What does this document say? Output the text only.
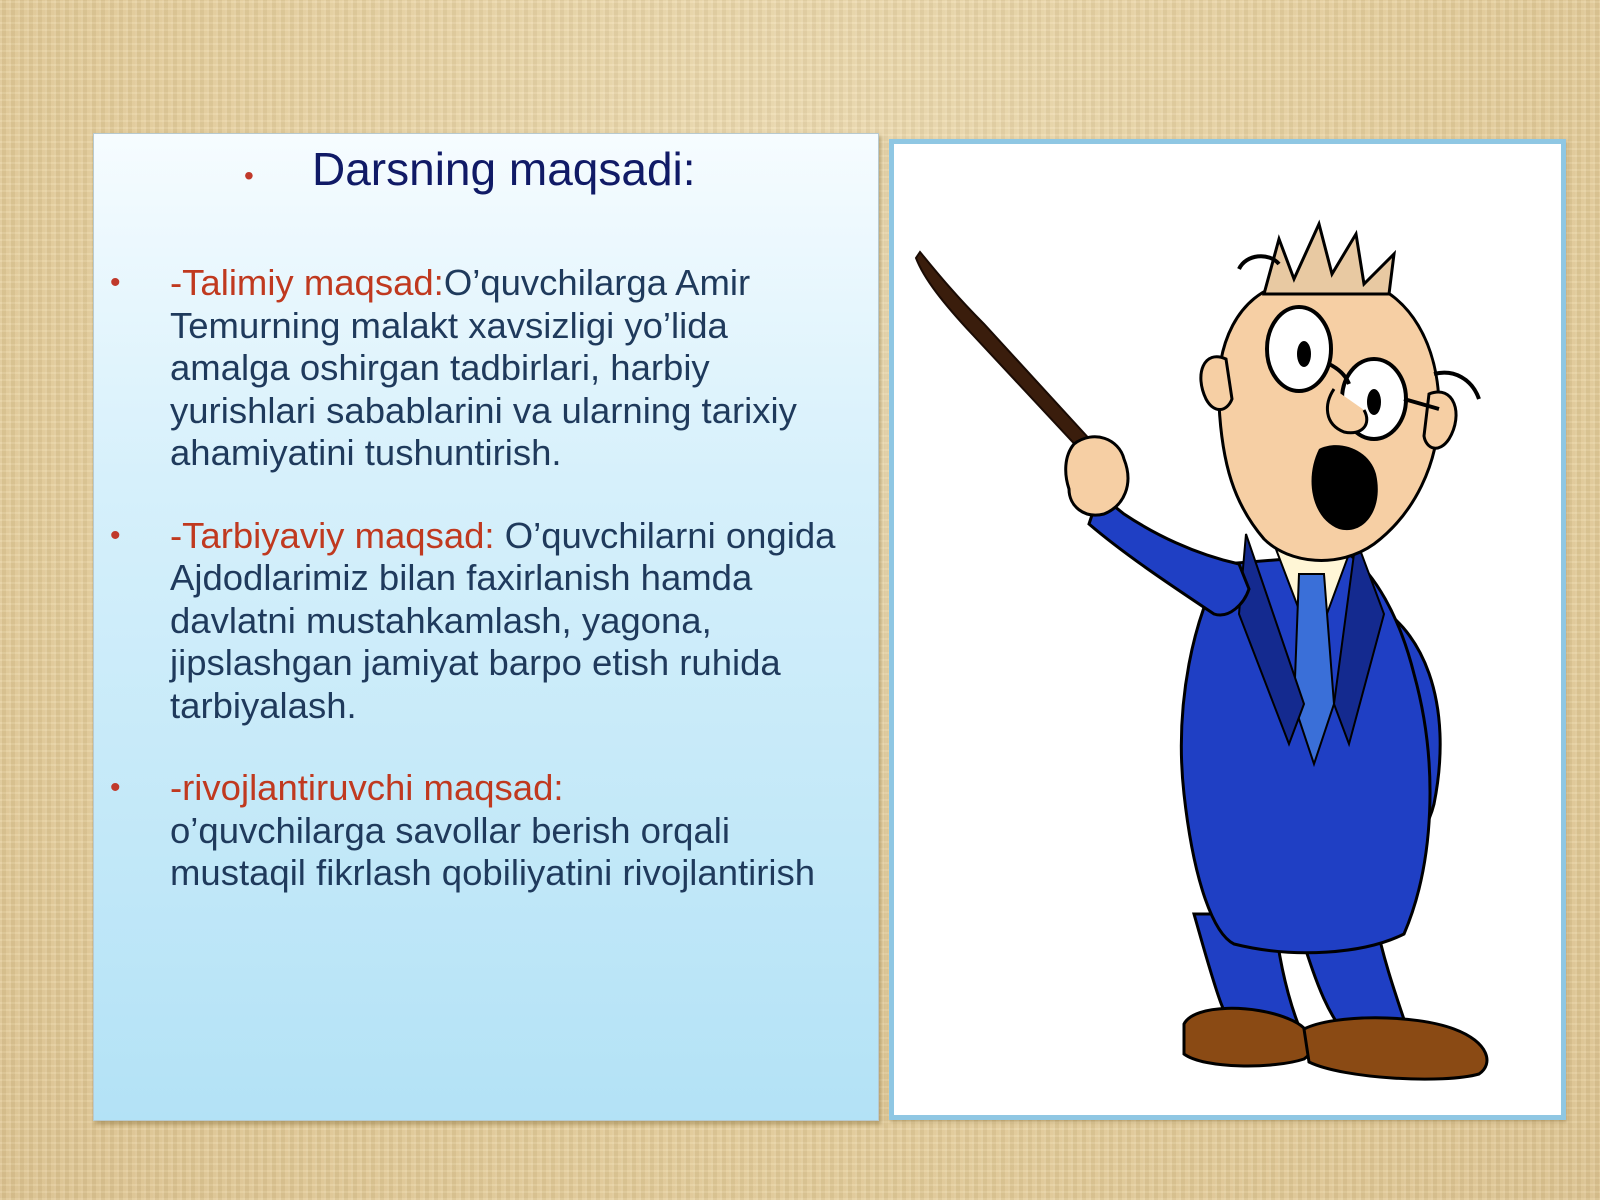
•	Darsning maqsadi:
• -Talimiy maqsad:O’quvchilarga Amir Temurning malakt xavsizligi yo’lida amalga oshirgan tadbirlari, harbiy yurishlari sabablarini va ularning tarixiy ahamiyatini tushuntirish.
• -Tarbiyaviy maqsad: O’quvchilarni ongida  Ajdodlarimiz bilan faxirlanish hamda davlatni mustahkamlash, yagona, jipslashgan jamiyat barpo etish ruhida tarbiyalash.
• -rivojlantiruvchi maqsad:
o’quvchilarga savollar berish orqali mustaqil fikrlash qobiliyatini rivojlantirish
